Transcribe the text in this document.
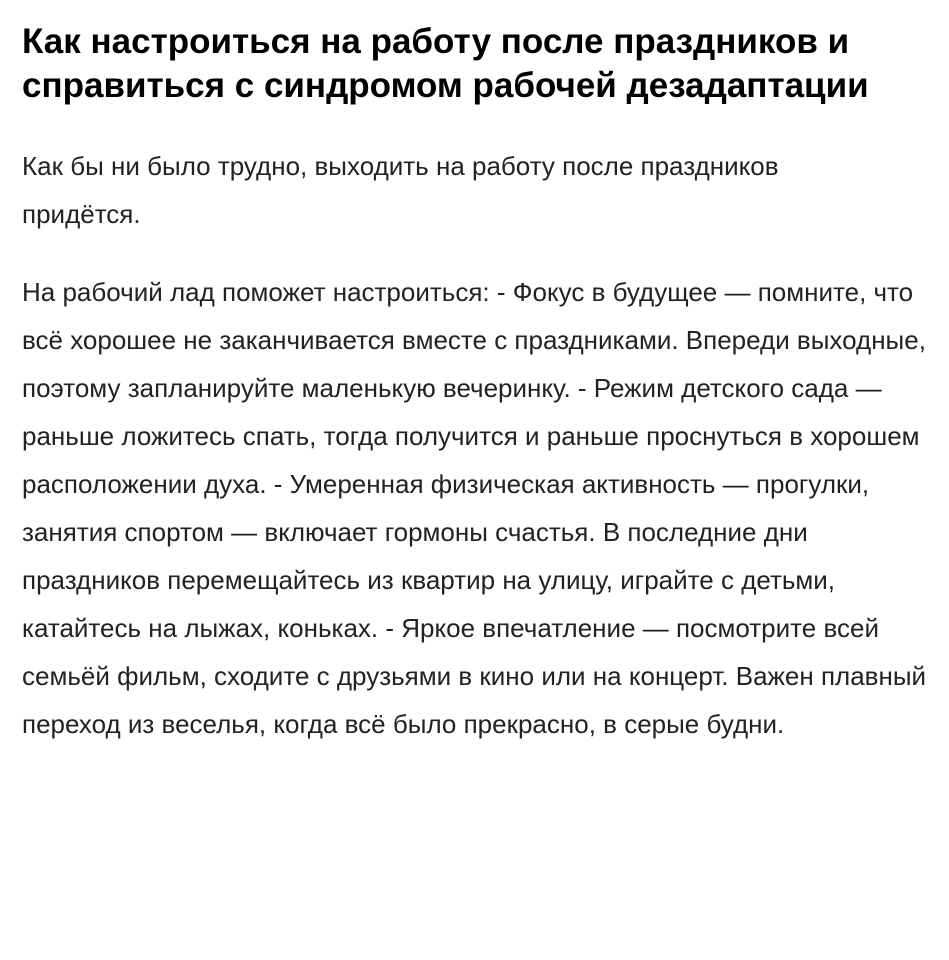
Как настроиться на работу после праздников и справиться с синдромом рабочей дезадаптации

Как бы ни было трудно, выходить на работу после праздников придётся.

На рабочий лад поможет настроиться: - Фокус в будущее — помните, что всё хорошее не заканчивается вместе с праздниками. Впереди выходные, поэтому запланируйте маленькую вечеринку. - Режим детского сада — раньше ложитесь спать, тогда получится и раньше проснуться в хорошем расположении духа. - Умеренная физическая активность — прогулки, занятия спортом — включает гормоны счастья. В последние дни праздников перемещайтесь из квартир на улицу, играйте с детьми, катайтесь на лыжах, коньках. - Яркое впечатление — посмотрите всей семьёй фильм, сходите с друзьями в кино или на концерт. Важен плавный переход из веселья, когда всё было прекрасно, в серые будни.
